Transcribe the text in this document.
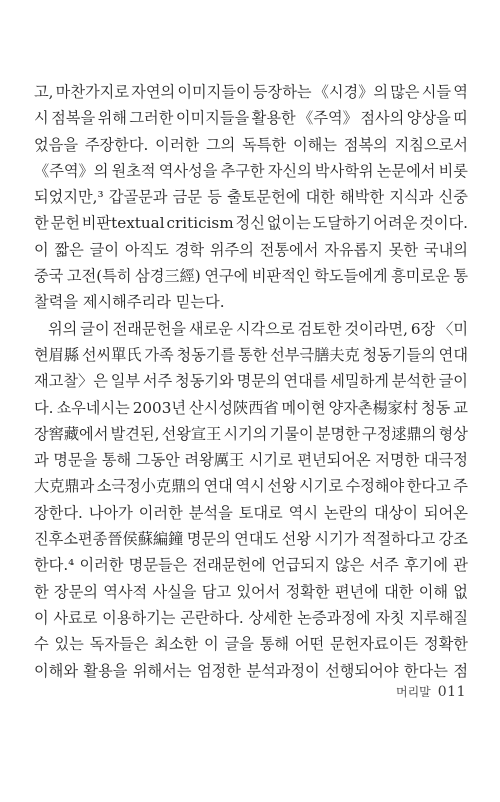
고, 마찬가지로 자연의 이미지들이 등장하는 《시경》의 많은 시들 역
시 점복을 위해 그러한 이미지들을 활용한 《주역》 점사의 양상을 띠
었음을 주장한다. 이러한 그의 독특한 이해는 점복의 지침으로서
《주역》의 원초적 역사성을 추구한 자신의 박사학위 논문에서 비롯
되었지만,³ 갑골문과 금문 등 출토문헌에 대한 해박한 지식과 신중
한 문헌 비판textual criticism 정신 없이는 도달하기 어려운 것이다.
이 짧은 글이 아직도 경학 위주의 전통에서 자유롭지 못한 국내의
중국 고전(특히 삼경三經) 연구에 비판적인 학도들에게 흥미로운 통
찰력을 제시해주리라 믿는다.
위의 글이 전래문헌을 새로운 시각으로 검토한 것이라면, 6장 〈미
현眉縣 선씨單氏 가족 청동기를 통한 선부극膳夫克 청동기들의 연대
재고찰〉은 일부 서주 청동기와 명문의 연대를 세밀하게 분석한 글이
다. 쇼우네시는 2003년 산시성陝西省 메이현 양자촌楊家村 청동 교
장窖藏에서 발견된, 선왕宣王 시기의 기물이 분명한 구정逑鼎의 형상
과 명문을 통해 그동안 려왕厲王 시기로 편년되어온 저명한 대극정
大克鼎과 소극정小克鼎의 연대 역시 선왕 시기로 수정해야 한다고 주
장한다. 나아가 이러한 분석을 토대로 역시 논란의 대상이 되어온
진후소편종晉侯蘇編鐘 명문의 연대도 선왕 시기가 적절하다고 강조
한다.⁴ 이러한 명문들은 전래문헌에 언급되지 않은 서주 후기에 관
한 장문의 역사적 사실을 담고 있어서 정확한 편년에 대한 이해 없
이 사료로 이용하기는 곤란하다. 상세한 논증과정에 자칫 지루해질
수 있는 독자들은 최소한 이 글을 통해 어떤 문헌자료이든 정확한
이해와 활용을 위해서는 엄정한 분석과정이 선행되어야 한다는 점
머리말 011
